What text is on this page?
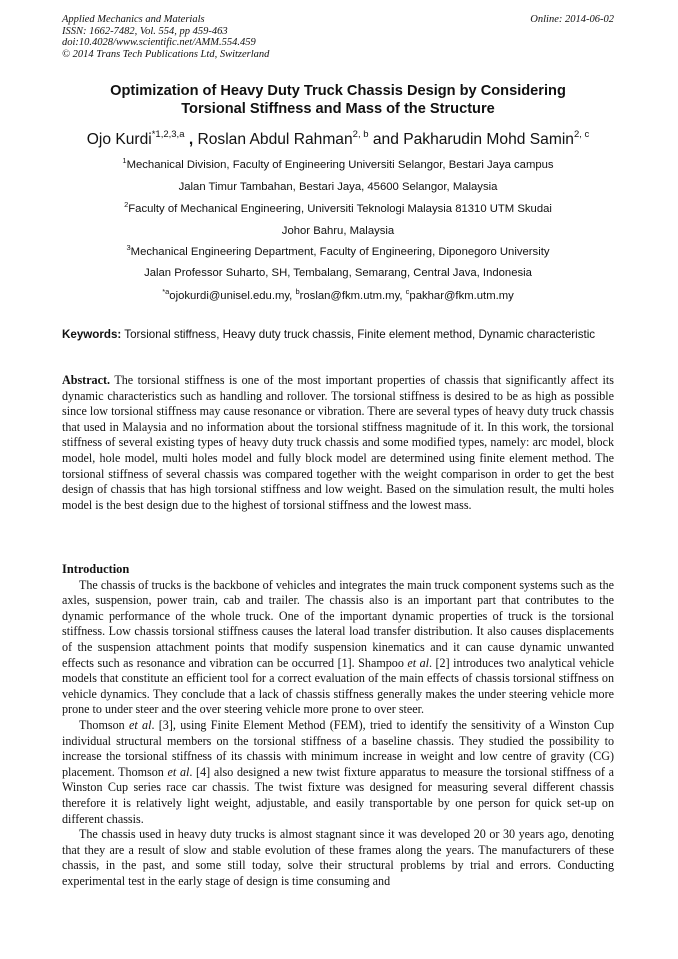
Applied Mechanics and Materials
ISSN: 1662-7482, Vol. 554, pp 459-463
doi:10.4028/www.scientific.net/AMM.554.459
© 2014 Trans Tech Publications Ltd, Switzerland
Online: 2014-06-02
Optimization of Heavy Duty Truck Chassis Design by Considering
Torsional Stiffness and Mass of the Structure
Ojo Kurdi$^{*1,2,3,a}$ , Roslan Abdul Rahman$^{2, b}$ and Pakharudin Mohd Samin$^{2, c}$
$^1$Mechanical Division, Faculty of Engineering Universiti Selangor, Bestari Jaya campus
Jalan Timur Tambahan, Bestari Jaya, 45600 Selangor, Malaysia
$^2$Faculty of Mechanical Engineering, Universiti Teknologi Malaysia 81310 UTM Skudai
Johor Bahru, Malaysia
$^3$Mechanical Engineering Department, Faculty of Engineering, Diponegoro University
Jalan Professor Suharto, SH, Tembalang, Semarang, Central Java, Indonesia
$^{*a}$ojokurdi@unisel.edu.my, $^b$roslan@fkm.utm.my, $^c$pakhar@fkm.utm.my
Keywords: Torsional stiffness, Heavy duty truck chassis, Finite element method, Dynamic characteristic

Abstract. The torsional stiffness is one of the most important properties of chassis that significantly affect its dynamic characteristics such as handling and rollover. The torsional stiffness is desired to be as high as possible since low torsional stiffness may cause resonance or vibration. There are several types of heavy duty truck chassis that used in Malaysia and no information about the torsional stiffness magnitude of it. In this work, the torsional stiffness of several existing types of heavy duty truck chassis and some modified types, namely: arc model, block model, hole model, multi holes model and fully block model are determined using finite element method. The torsional stiffness of several chassis was compared together with the weight comparison in order to get the best design of chassis that has high torsional stiffness and low weight. Based on the simulation result, the multi holes model is the best design due to the highest of torsional stiffness and the lowest mass.

Introduction

The chassis of trucks is the backbone of vehicles and integrates the main truck component systems such as the axles, suspension, power train, cab and trailer. The chassis also is an important part that contributes to the dynamic performance of the whole truck. One of the important dynamic properties of truck is the torsional stiffness. Low chassis torsional stiffness causes the lateral load transfer distribution. It also causes displacements of the suspension attachment points that modify suspension kinematics and it can cause dynamic unwanted effects such as resonance and vibration can be occurred [1]. Shampoo et al. [2] introduces two analytical vehicle models that constitute an efficient tool for a correct evaluation of the main effects of chassis torsional stiffness on vehicle dynamics. They conclude that a lack of chassis stiffness generally makes the under steering vehicle more prone to under steer and the over steering vehicle more prone to over steer.

Thomson et al. [3], using Finite Element Method (FEM), tried to identify the sensitivity of a Winston Cup individual structural members on the torsional stiffness of a baseline chassis. They studied the possibility to increase the torsional stiffness of its chassis with minimum increase in weight and low centre of gravity (CG) placement. Thomson et al. [4] also designed a new twist fixture apparatus to measure the torsional stiffness of a Winston Cup series race car chassis. The twist fixture was designed for measuring several different chassis therefore it is relatively light weight, adjustable, and easily transportable by one person for quick set-up on different chassis.

The chassis used in heavy duty trucks is almost stagnant since it was developed 20 or 30 years ago, denoting that they are a result of slow and stable evolution of these frames along the years. The manufacturers of these chassis, in the past, and some still today, solve their structural problems by trial and errors. Conducting experimental test in the early stage of design is time consuming and
